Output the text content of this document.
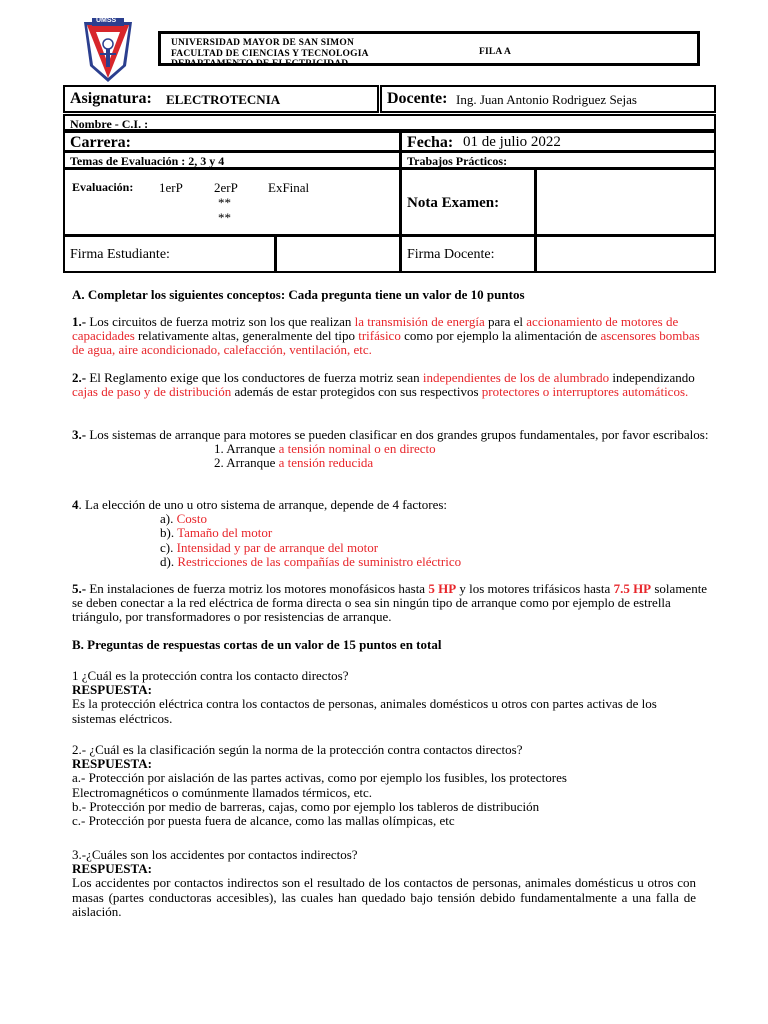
UMSS
UNIVERSIDAD MAYOR DE SAN SIMON
FACULTAD DE CIENCIAS Y TECNOLOGIA
DEPARTAMENTO DE ELECTRICIDAD
FILA A
Asignatura: ELECTROTECNIA	Docente: Ing. Juan Antonio Rodriguez Sejas
Nombre - C.I. :
Carrera:	Fecha: 01 de julio 2022
Temas de Evaluación : 2, 3 y 4	Trabajos Prácticos:
Evaluación: 1erP 2erP ExFinal
**
**
Nota Examen:
Firma Estudiante:	Firma Docente:
A. Completar los siguientes conceptos: Cada pregunta tiene un valor de 10 puntos
1.- Los circuitos de fuerza motriz son los que realizan la transmisión de energía para el accionamiento de motores de capacidades relativamente altas, generalmente del tipo trifásico como por ejemplo la alimentación de ascensores bombas de agua, aire acondicionado, calefacción, ventilación, etc.
2.- El Reglamento exige que los conductores de fuerza motriz sean independientes de los de alumbrado independizando cajas de paso y de distribución además de estar protegidos con sus respectivos protectores o interruptores automáticos.
3.- Los sistemas de arranque para motores se pueden clasificar en dos grandes grupos fundamentales, por favor escribalos:
1. Arranque a tensión nominal o en directo
2. Arranque a tensión reducida
4. La elección de uno u otro sistema de arranque, depende de 4 factores:
a). Costo
b). Tamaño del motor
c). Intensidad y par de arranque del motor
d). Restricciones de las compañías de suministro eléctrico
5.- En instalaciones de fuerza motriz los motores monofásicos hasta 5 HP y los motores trifásicos hasta 7.5 HP solamente se deben conectar a la red eléctrica de forma directa o sea sin ningún tipo de arranque como por ejemplo de estrella triángulo, por transformadores o por resistencias de arranque.
B. Preguntas de respuestas cortas de un valor de 15 puntos en total
1 ¿Cuál es la protección contra los contacto directos?
RESPUESTA:
Es la protección eléctrica contra los contactos de personas, animales domésticos u otros con partes activas de los sistemas eléctricos.
2.- ¿Cuál es la clasificación según la norma de la protección contra contactos directos?
RESPUESTA:
a.- Protección por aislación de las partes activas, como por ejemplo los fusibles, los protectores Electromagnéticos o comúnmente llamados térmicos, etc.
b.- Protección por medio de barreras, cajas, como por ejemplo los tableros de distribución
c.- Protección por puesta fuera de alcance, como las mallas olímpicas, etc
3.-¿Cuáles son los accidentes por contactos indirectos?
RESPUESTA:
Los accidentes por contactos indirectos son el resultado de los contactos de personas, animales domésticus u otros con masas (partes conductoras accesibles), las cuales han quedado bajo tensión debido fundamentalmente a una falla de aislación.
